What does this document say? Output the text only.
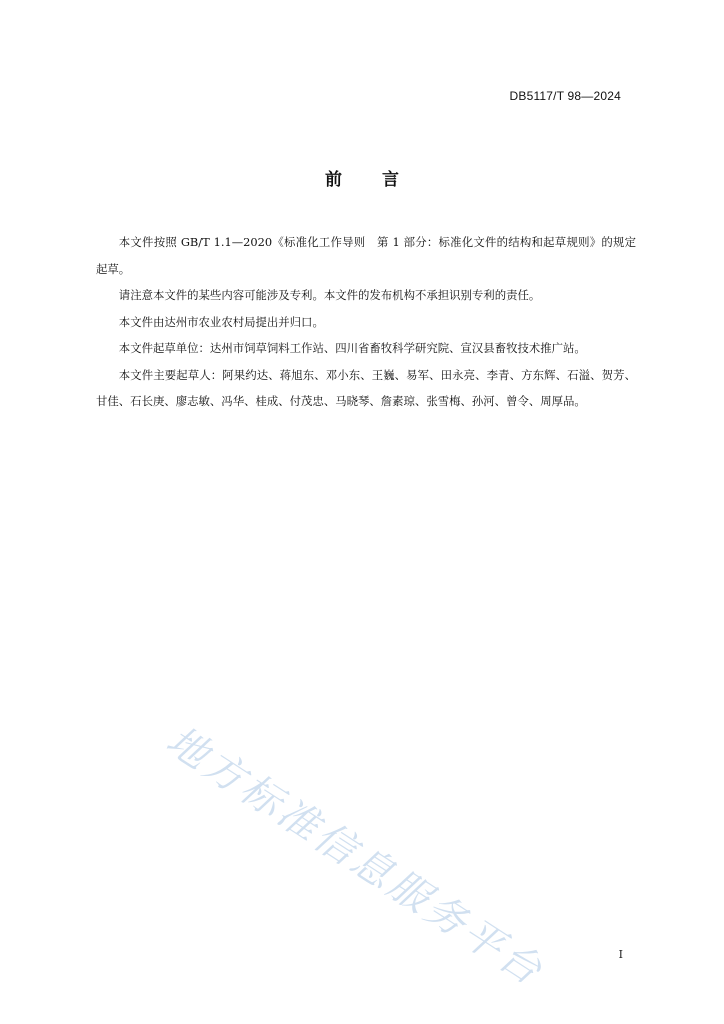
DB5117/T 98—2024
前 言

本文件按照 GB/T 1.1—2020《标准化工作导则　第 1 部分：标准化文件的结构和起草规则》的规定起草。

请注意本文件的某些内容可能涉及专利。本文件的发布机构不承担识别专利的责任。

本文件由达州市农业农村局提出并归口。

本文件起草单位：达州市饲草饲料工作站、四川省畜牧科学研究院、宣汉县畜牧技术推广站。

本文件主要起草人：阿果约达、蒋旭东、邓小东、王巍、易军、田永亮、李青、方东辉、石溢、贺芳、甘佳、石长庚、廖志敏、冯华、桂成、付茂忠、马晓琴、詹素琼、张雪梅、孙河、曾令、周厚品。

地方标准信息服务平台	I
